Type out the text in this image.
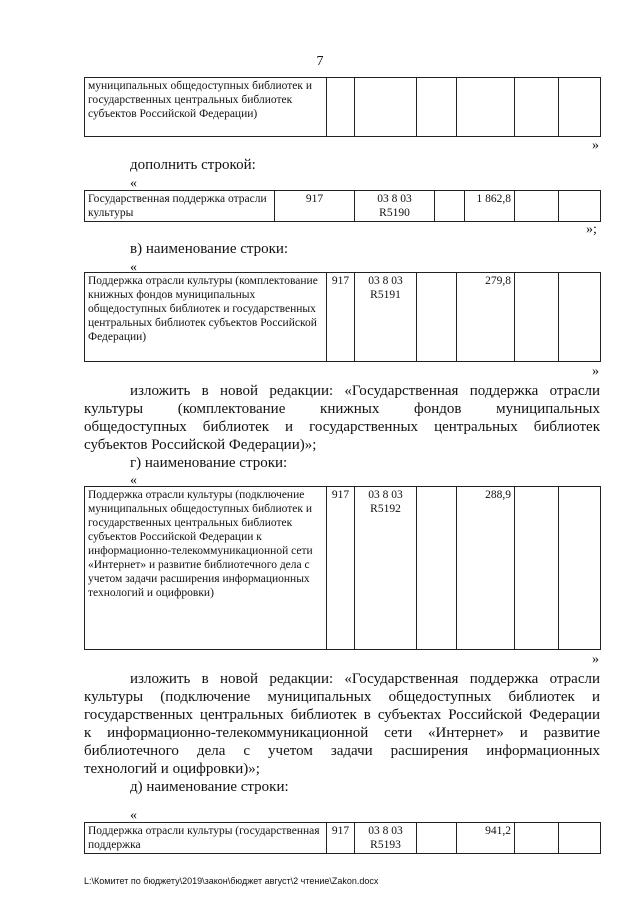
7
муниципальных общедоступных библиотек и государственных центральных библиотек субъектов Российской Федерации)						
»
дополнить строкой:
«
Государственная поддержка отрасли культуры	917	03 8 03
R5190		1 862,8		
»;
в) наименование строки:
«
Поддержка отрасли культуры (комплектование книжных фондов муниципальных общедоступных библиотек и государственных центральных библиотек субъектов Российской Федерации)	917	03 8 03
R5191		279,8		
»
изложить в новой редакции: «Государственная поддержка отрасли
культуры (комплектование книжных фондов муниципальных
общедоступных библиотек и государственных центральных библиотек
субъектов Российской Федерации)»;
г) наименование строки:
«
Поддержка отрасли культуры (подключение муниципальных общедоступных библиотек и государственных центральных библиотек субъектов Российской Федерации к информационно-телекоммуникационной сети «Интернет» и развитие библиотечного дела с учетом задачи расширения информационных технологий и оцифровки)	917	03 8 03
R5192		288,9		
»
изложить в новой редакции: «Государственная поддержка отрасли
культуры (подключение муниципальных общедоступных библиотек и
государственных центральных библиотек в субъектах Российской Федерации
к информационно-телекоммуникационной сети «Интернет» и развитие
библиотечного дела с учетом задачи расширения информационных
технологий и оцифровки)»;
д) наименование строки:
«
Поддержка отрасли культуры (государственная поддержка	917	03 8 03
R5193		941,2		
L:\Комитет по бюджету\2019\закон\бюджет август\2 чтение\Zakon.docx
